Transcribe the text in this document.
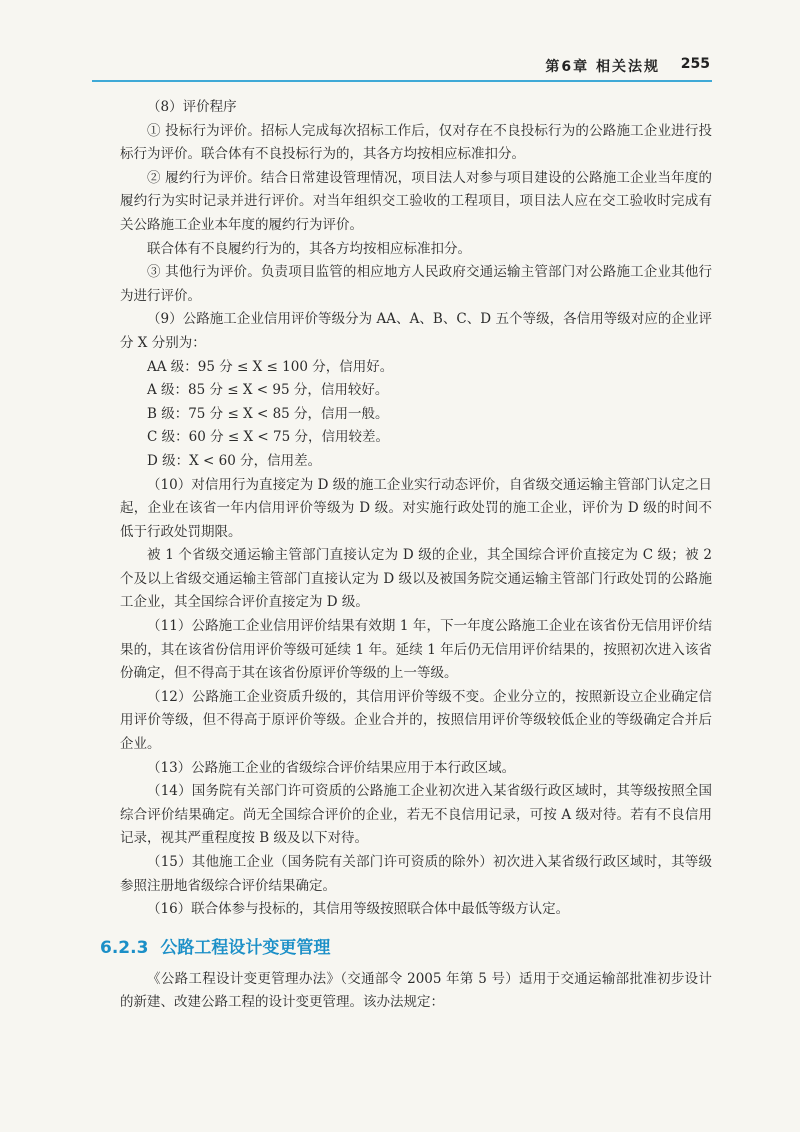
第6章 相关法规 255

（8）评价程序

① 投标行为评价。招标人完成每次招标工作后，仅对存在不良投标行为的公路施工企业进行投标行为评价。联合体有不良投标行为的，其各方均按相应标准扣分。

② 履约行为评价。结合日常建设管理情况，项目法人对参与项目建设的公路施工企业当年度的履约行为实时记录并进行评价。对当年组织交工验收的工程项目，项目法人应在交工验收时完成有关公路施工企业本年度的履约行为评价。

联合体有不良履约行为的，其各方均按相应标准扣分。

③ 其他行为评价。负责项目监管的相应地方人民政府交通运输主管部门对公路施工企业其他行为进行评价。

（9）公路施工企业信用评价等级分为 AA、A、B、C、D 五个等级，各信用等级对应的企业评分 X 分别为：

AA 级：95 分 ≤ X ≤ 100 分，信用好。

A 级：85 分 ≤ X < 95 分，信用较好。

B 级：75 分 ≤ X < 85 分，信用一般。

C 级：60 分 ≤ X < 75 分，信用较差。

D 级：X < 60 分，信用差。

（10）对信用行为直接定为 D 级的施工企业实行动态评价，自省级交通运输主管部门认定之日起，企业在该省一年内信用评价等级为 D 级。对实施行政处罚的施工企业，评价为 D 级的时间不低于行政处罚期限。

被 1 个省级交通运输主管部门直接认定为 D 级的企业，其全国综合评价直接定为 C 级；被 2 个及以上省级交通运输主管部门直接认定为 D 级以及被国务院交通运输主管部门行政处罚的公路施工企业，其全国综合评价直接定为 D 级。

（11）公路施工企业信用评价结果有效期 1 年，下一年度公路施工企业在该省份无信用评价结果的，其在该省份信用评价等级可延续 1 年。延续 1 年后仍无信用评价结果的，按照初次进入该省份确定，但不得高于其在该省份原评价等级的上一等级。

（12）公路施工企业资质升级的，其信用评价等级不变。企业分立的，按照新设立企业确定信用评价等级，但不得高于原评价等级。企业合并的，按照信用评价等级较低企业的等级确定合并后企业。

（13）公路施工企业的省级综合评价结果应用于本行政区域。

（14）国务院有关部门许可资质的公路施工企业初次进入某省级行政区域时，其等级按照全国综合评价结果确定。尚无全国综合评价的企业，若无不良信用记录，可按 A 级对待。若有不良信用记录，视其严重程度按 B 级及以下对待。

（15）其他施工企业（国务院有关部门许可资质的除外）初次进入某省级行政区域时，其等级参照注册地省级综合评价结果确定。

（16）联合体参与投标的，其信用等级按照联合体中最低等级方认定。

6.2.3 公路工程设计变更管理

《公路工程设计变更管理办法》（交通部令 2005 年第 5 号）适用于交通运输部批准初步设计的新建、改建公路工程的设计变更管理。该办法规定：
